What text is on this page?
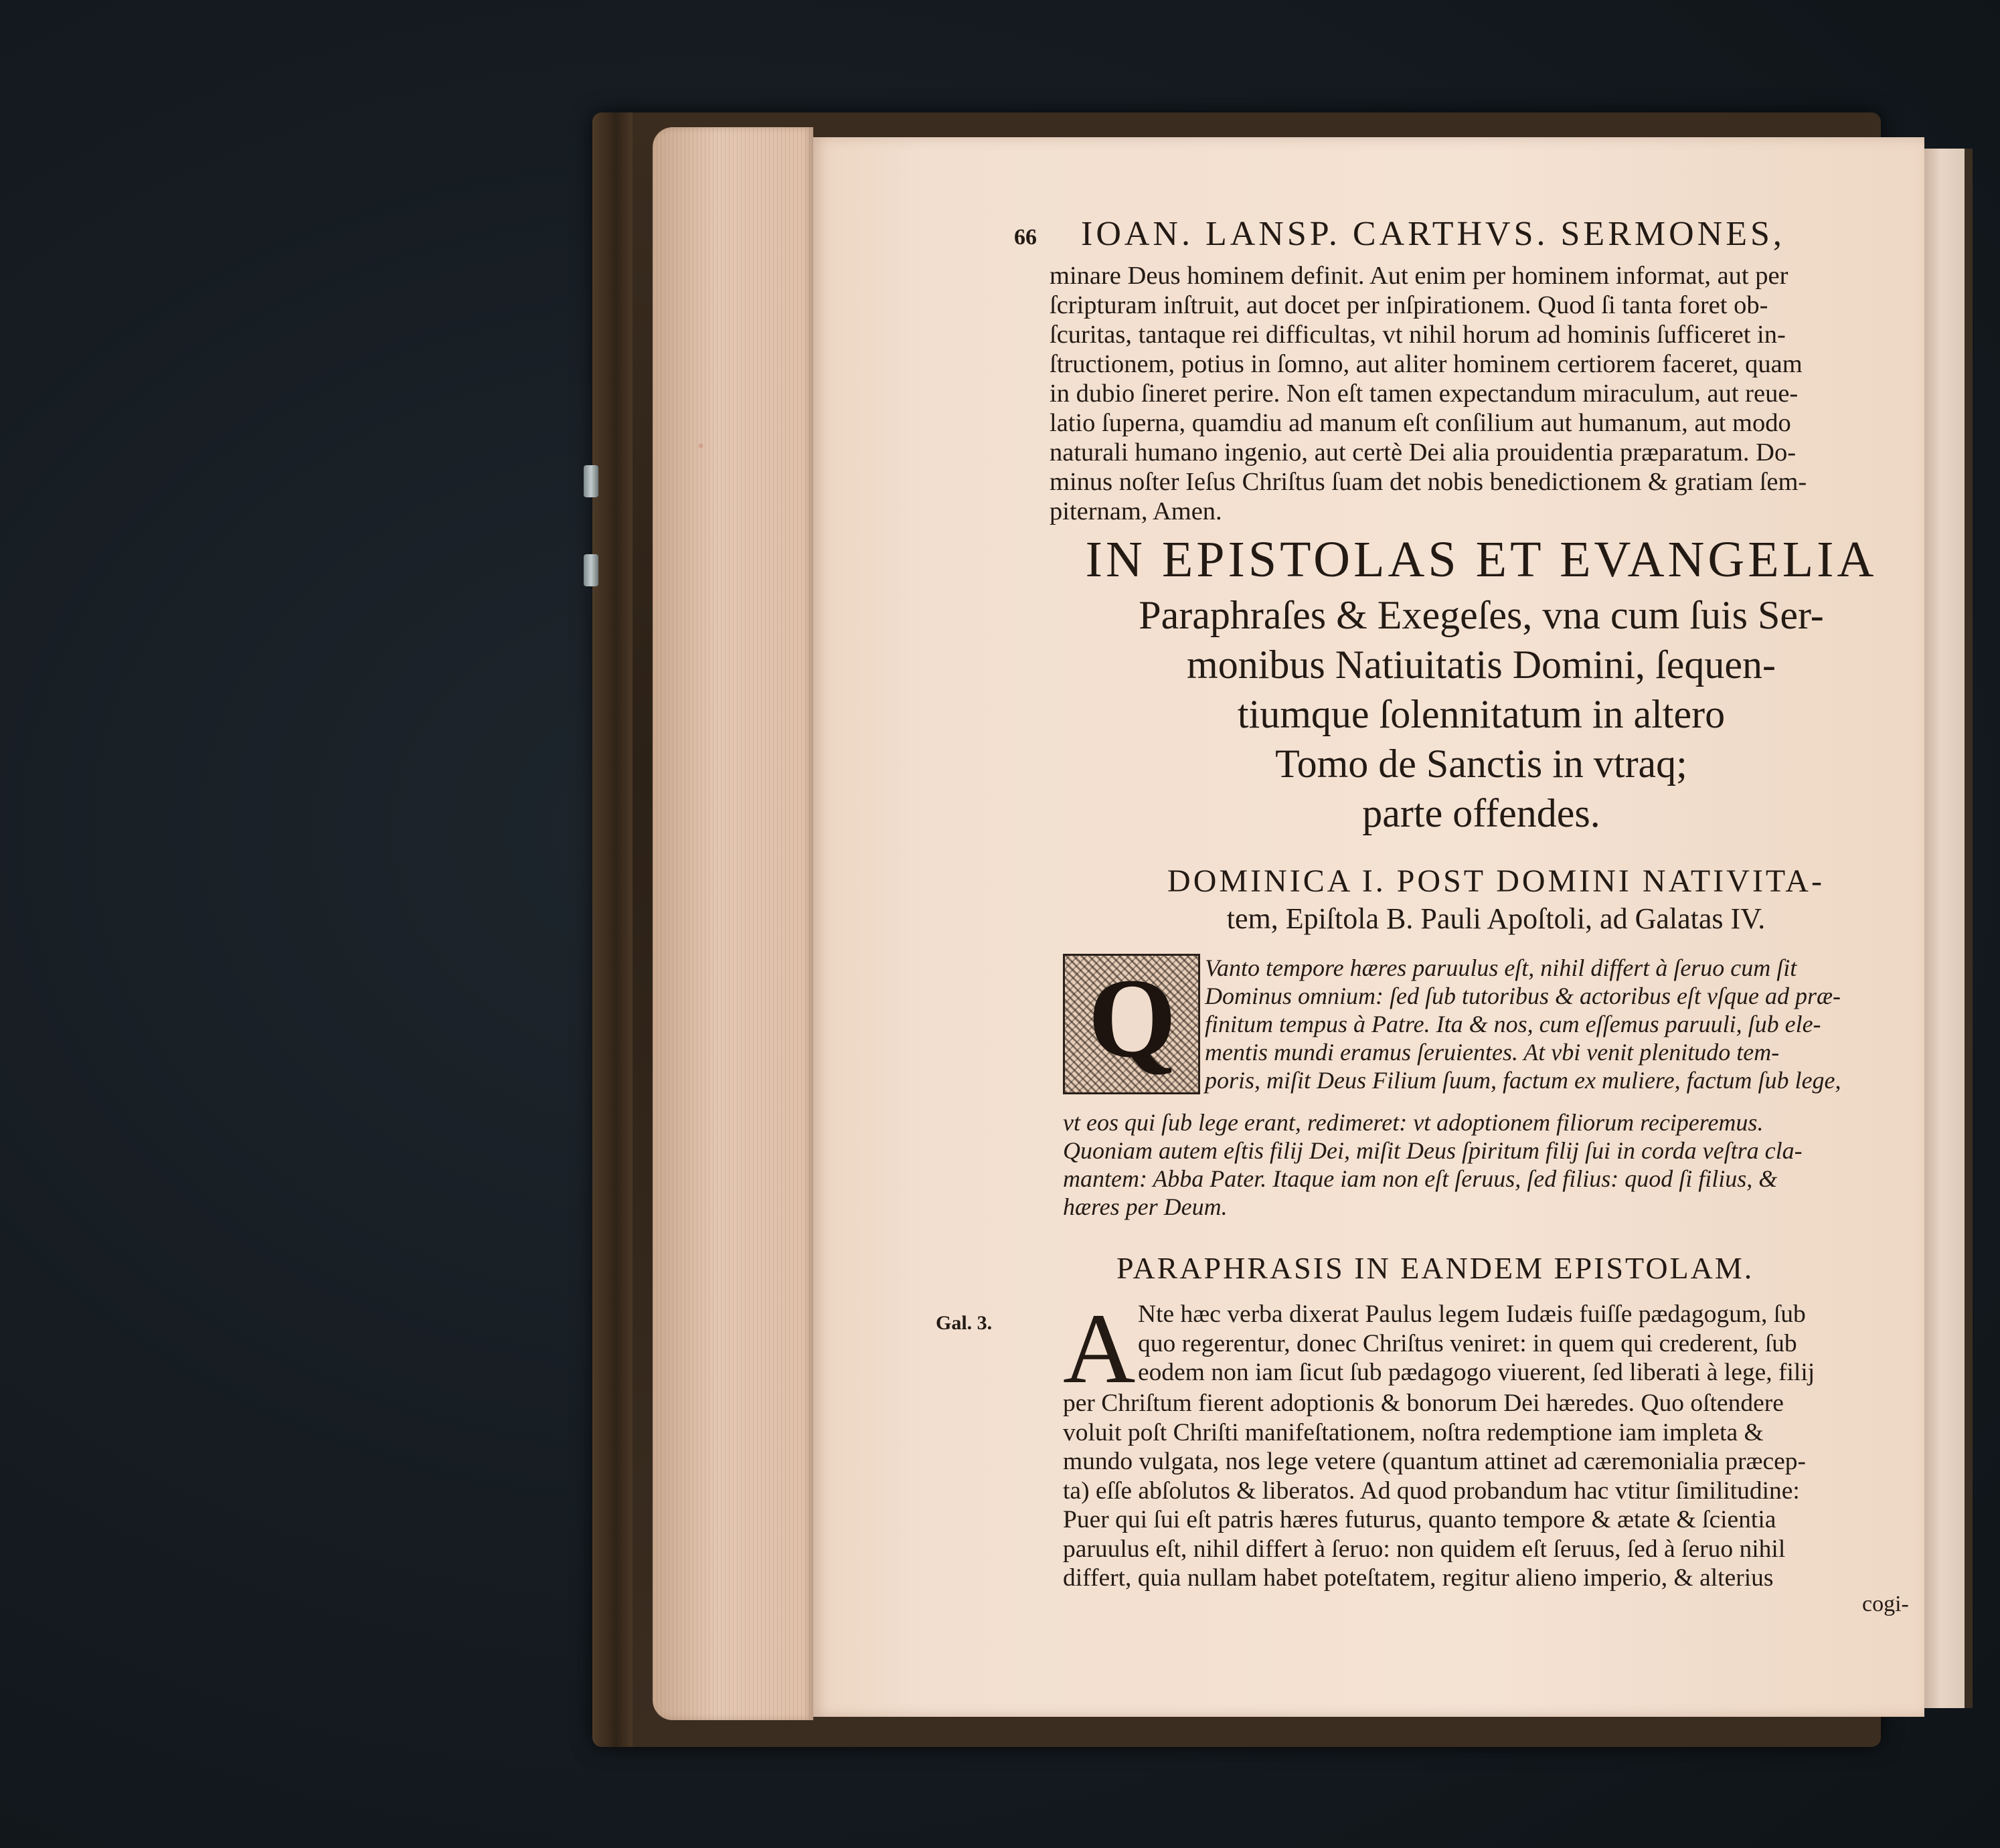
66 IOAN. LANSP. CARTHVS. SERMONES,
minare Deus hominem definit. Aut enim per hominem informat, aut per
ſcripturam inſtruit, aut docet per inſpirationem. Quod ſi tanta foret ob-
ſcuritas, tantaque rei difficultas, vt nihil horum ad hominis ſufficeret in-
ſtructionem, potius in ſomno, aut aliter hominem certiorem faceret, quam
in dubio ſineret perire. Non eſt tamen expectandum miraculum, aut reue-
latio ſuperna, quamdiu ad manum eſt conſilium aut humanum, aut modo
naturali humano ingenio, aut certè Dei alia prouidentia præparatum. Do-
minus noſter Ieſus Chriſtus ſuam det nobis benedictionem & gratiam ſem-
piternam, Amen.
IN EPISTOLAS ET EVANGELIA
Paraphraſes & Exegeſes, vna cum ſuis Ser-
monibus Natiuitatis Domini, ſequen-
tiumque ſolennitatum in altero
Tomo de Sanctis in vtraq;
parte offendes.
DOMINICA I. POST DOMINI NATIVITA-
tem, Epiſtola B. Pauli Apoſtoli, ad Galatas IV.
Q	Vanto tempore hæres paruulus eſt, nihil differt à ſeruo cum ſit
Dominus omnium: ſed ſub tutoribus & actoribus eſt vſque ad præ-
finitum tempus à Patre. Ita & nos, cum eſſemus paruuli, ſub ele-
mentis mundi eramus ſeruientes. At vbi venit plenitudo tem-
poris, miſit Deus Filium ſuum, factum ex muliere, factum ſub lege,
vt eos qui ſub lege erant, redimeret: vt adoptionem filiorum reciperemus.
Quoniam autem eſtis filij Dei, miſit Deus ſpiritum filij ſui in corda veſtra cla-
mantem: Abba Pater. Itaque iam non eſt ſeruus, ſed filius: quod ſi filius, &
hæres per Deum.
PARAPHRASIS IN EANDEM EPISTOLAM.
Gal. 3. A Nte hæc verba dixerat Paulus legem Iudæis fuiſſe pædagogum, ſub
quo regerentur, donec Chriſtus veniret: in quem qui crederent, ſub
eodem non iam ſicut ſub pædagogo viuerent, ſed liberati à lege, filij
per Chriſtum fierent adoptionis & bonorum Dei hæredes. Quo oſtendere
voluit poſt Chriſti manifeſtationem, noſtra redemptione iam impleta &
mundo vulgata, nos lege vetere (quantum attinet ad cæremonialia præcep-
ta) eſſe abſolutos & liberatos. Ad quod probandum hac vtitur ſimilitudine:
Puer qui ſui eſt patris hæres futurus, quanto tempore & ætate & ſcientia
paruulus eſt, nihil differt à ſeruo: non quidem eſt ſeruus, ſed à ſeruo nihil
differt, quia nullam habet poteſtatem, regitur alieno imperio, & alterius
cogi-
